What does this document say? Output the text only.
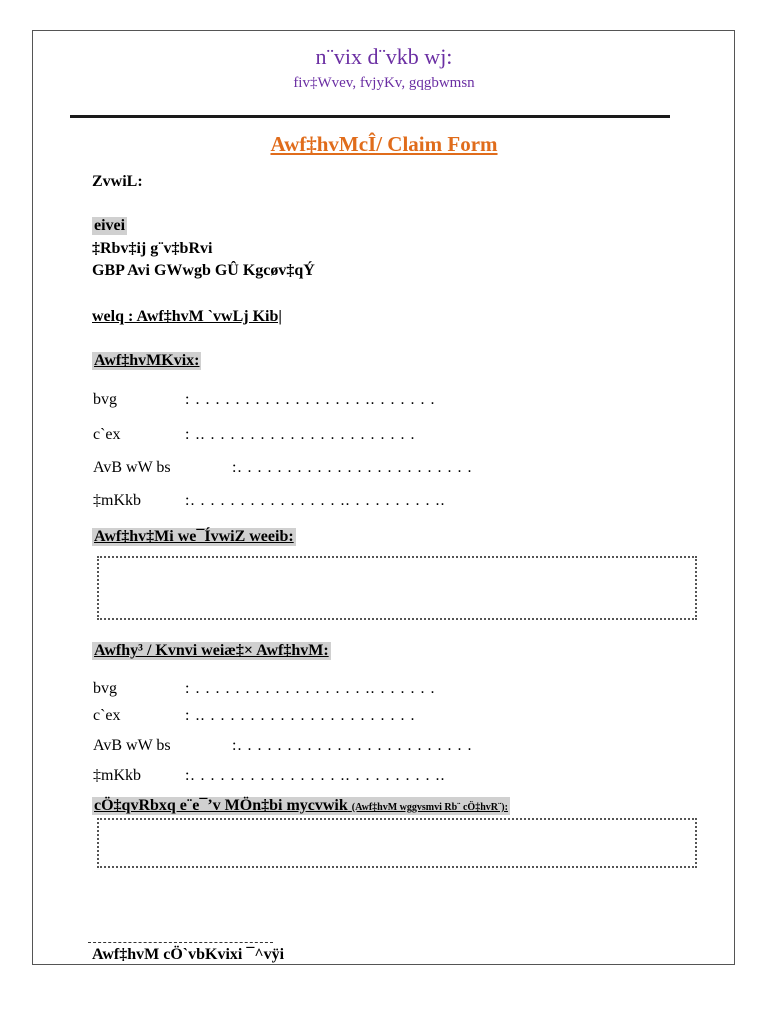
n¨vix d¨vkb wj:
fiv‡Wvev, fvjyKv, gqgbwmsn
Awf‡hvMcÎ/ Claim Form
ZvwiL:
eivei
‡Rbv‡ij g¨v‡bRvi
GBP Avi GWwgb GÛ Kgcøv‡qÝ
welq : Awf‡hvM `vwLj Kib|
Awf‡hvMKvix:
bvg	: . . . . . . . . . . . . . . . . . .. . . . . . .
c`ex	: .. . . . . . . . . . . . . . . . . . . . . .
AvB wW bs	:. . . . . . . . . . . . . . . . . . . . . . . .
‡mKkb	:. . . . . . . . . . . . . . . .. . . . . . . . . ..
Awf‡hv‡Mi we¯ÍvwiZ weeib:
Awfhy³ / Kvnvi weiæ‡× Awf‡hvM:
bvg	: . . . . . . . . . . . . . . . . . .. . . . . . .
c`ex	: .. . . . . . . . . . . . . . . . . . . . . .
AvB wW bs	:. . . . . . . . . . . . . . . . . . . . . . . .
‡mKkb	:. . . . . . . . . . . . . . . .. . . . . . . . . ..
cÖ‡qvRbxq e¨e¯’v MÖn‡bi mycvwik (Awf‡hvM wggvsmvi Rb¨ cÖ‡hvR¨):
Awf‡hvM cÖ`vbKvixi ¯^vÿi
